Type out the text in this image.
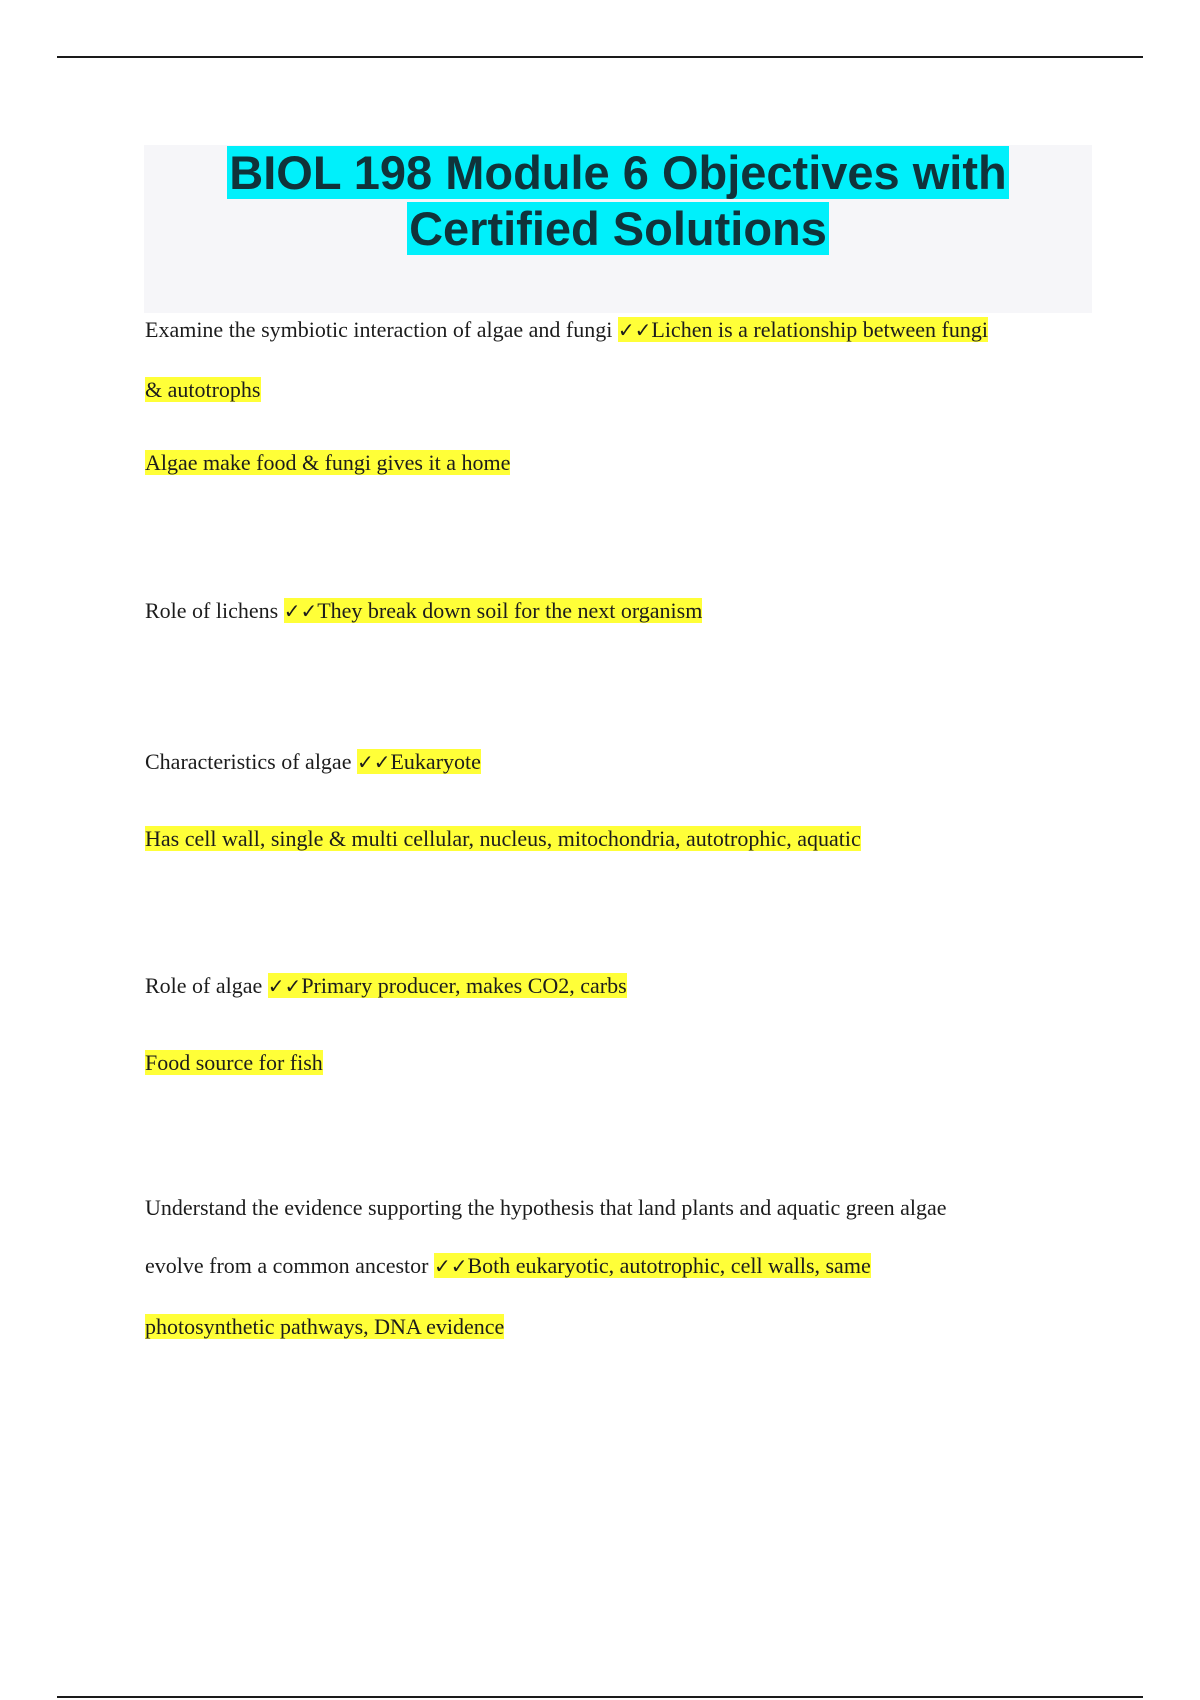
BIOL 198 Module 6 Objectives with
Certified Solutions
Examine the symbiotic interaction of algae and fungi ✓✓Lichen is a relationship between fungi
& autotrophs
Algae make food & fungi gives it a home
Role of lichens ✓✓They break down soil for the next organism
Characteristics of algae ✓✓Eukaryote
Has cell wall, single & multi cellular, nucleus, mitochondria, autotrophic, aquatic
Role of algae ✓✓Primary producer, makes CO2, carbs
Food source for fish
Understand the evidence supporting the hypothesis that land plants and aquatic green algae
evolve from a common ancestor ✓✓Both eukaryotic, autotrophic, cell walls, same
photosynthetic pathways, DNA evidence
